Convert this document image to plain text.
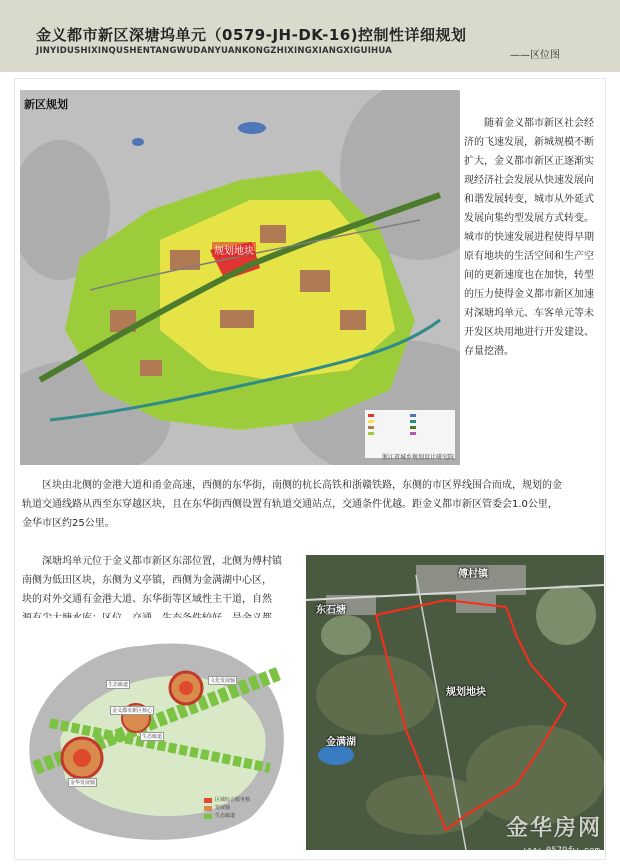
金义都市新区深塘坞单元（0579-JH-DK-16)控制性详细规划
JINYIDUSHIXINQUSHENTANGWUDANYUANKONGZHIXINGXIANGXIGUIHUA	——区位图
新区规划
规划地块
浙江省城乡规划设计研究院

随着金义都市新区社会经

济的飞速发展，新城规模不断

扩大，金义都市新区正逐渐实

现经济社会发展从快速发展向

和谐发展转变，城市从外延式

发展向集约型发展方式转变。

城市的快速发展进程使得早期

原有地块的生活空间和生产空

间的更新速度也在加快，转型

的压力使得金义都市新区加速

对深塘坞单元、车客单元等未

开发区块用地进行开发建设、

存量挖潜。

区块由北侧的金港大道和甬金高速，西侧的东华街，南侧的杭长高铁和浙赣铁路，东侧的市区界线围合而成，规划的金

轨道交通线路从西至东穿越区块，且在东华街西侧设置有轨道交通站点，交通条件优越。距金义都市新区管委会1.0公里，

金华市区约25公里。

深塘坞单元位于金义都市新区东部位置，北侧为傅村镇

南侧为低田区块，东侧为义亭镇，西侧为金满湖中心区，

块的对外交通有金港大道、东华街等区域性主干道，自然

生态廊道
文化发展轴
金义都市新区核心
生态廊道
金华发展轴
区域综合服务核
发展轴
生态廊道
傅村镇
东石塘
规划地块
金满湖
金华房网
www.0579fw.com
